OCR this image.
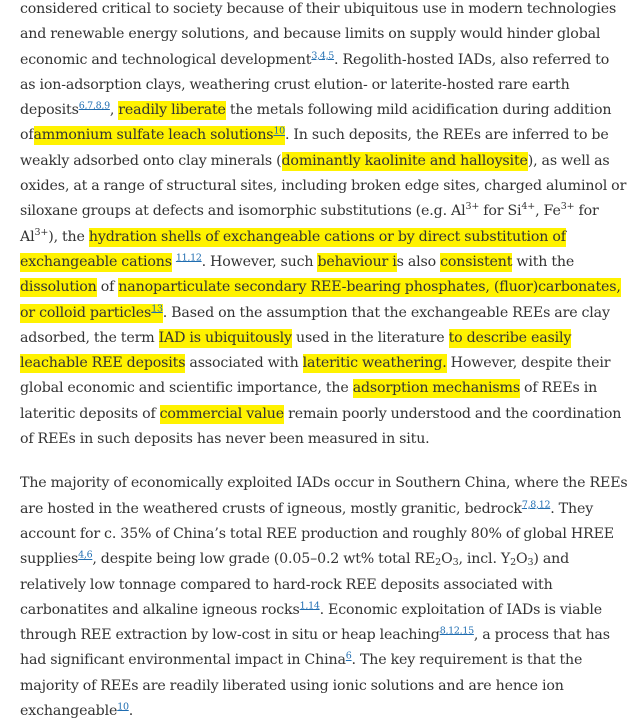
considered critical to society because of their ubiquitous use in modern technologies and renewable energy solutions, and because limits on supply would hinder global economic and technological development$^{3,4,5}$. Regolith-hosted IADs, also referred to as ion-adsorption clays, weathering crust elution- or laterite-hosted rare earth deposits$^{6,7,8,9}$, readily liberate the metals following mild acidification during addition ofammonium sulfate leach solutions$^{10}$. In such deposits, the REEs are inferred to be weakly adsorbed onto clay minerals (dominantly kaolinite and halloysite), as well as oxides, at a range of structural sites, including broken edge sites, charged aluminol or siloxane groups at defects and isomorphic substitutions (e.g. $Al^{3+}$ for $Si^{4+}$, $Fe^{3+}$ for $Al^{3+}$), the hydration shells of exchangeable cations or by direct substitution of exchangeable cations $^{11,12}$. However, such behaviour is also consistent with the dissolution of nanoparticulate secondary REE-bearing phosphates, (fluor)carbonates, or colloid particles$^{13}$. Based on the assumption that the exchangeable REEs are clay adsorbed, the term IAD is ubiquitously used in the literature to describe easily leachable REE deposits associated with lateritic weathering. However, despite their global economic and scientific importance, the adsorption mechanisms of REEs in lateritic deposits of commercial value remain poorly understood and the coordination of REEs in such deposits has never been measured in situ.

The majority of economically exploited IADs occur in Southern China, where the REEs are hosted in the weathered crusts of igneous, mostly granitic, bedrock$^{7,8,12}$. They account for c. 35% of China’s total REE production and roughly 80% of global HREE supplies$^{4,6}$, despite being low grade (0.05–0.2 wt% total $RE_2O_3$, incl. $Y_2O_3$) and relatively low tonnage compared to hard-rock REE deposits associated with carbonatites and alkaline igneous rocks$^{1,14}$. Economic exploitation of IADs is viable through REE extraction by low-cost in situ or heap leaching$^{8,12,15}$, a process that has had significant environmental impact in China$^6$. The key requirement is that the majority of REEs are readily liberated using ionic solutions and are hence ion exchangeable$^{10}$.
